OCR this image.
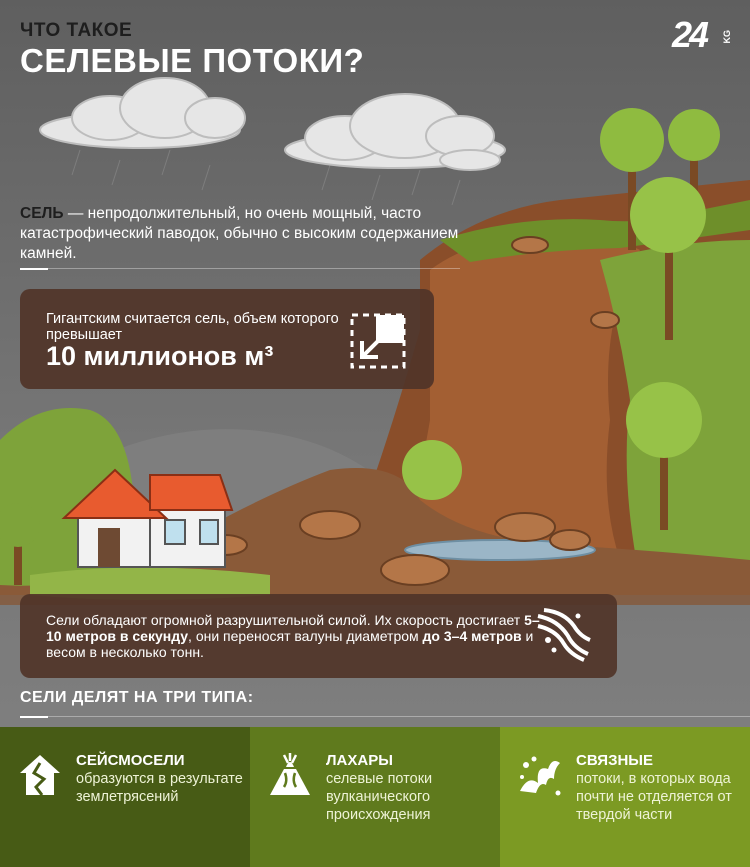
ЧТО ТАКОЕ
СЕЛЕВЫЕ ПОТОКИ?
24 KG
СЕЛЬ — непродолжительный, но очень мощный, часто катастрофический паводок, обычно с высоким содержанием камней.
Гигантским считается сель, объем которого превышает
10 миллионов м³
Сели обладают огромной разрушительной силой. Их скорость достигает 5–10 метров в секунду, они переносят валуны диаметром до 3–4 метров и весом в несколько тонн.
СЕЛИ ДЕЛЯТ НА ТРИ ТИПА:
СЕЙСМОСЕЛИ
образуются в результате землетрясений
ЛАХАРЫ
селевые потоки вулканического происхождения
СВЯЗНЫЕ
потоки, в которых вода почти не отделяется от твердой части
